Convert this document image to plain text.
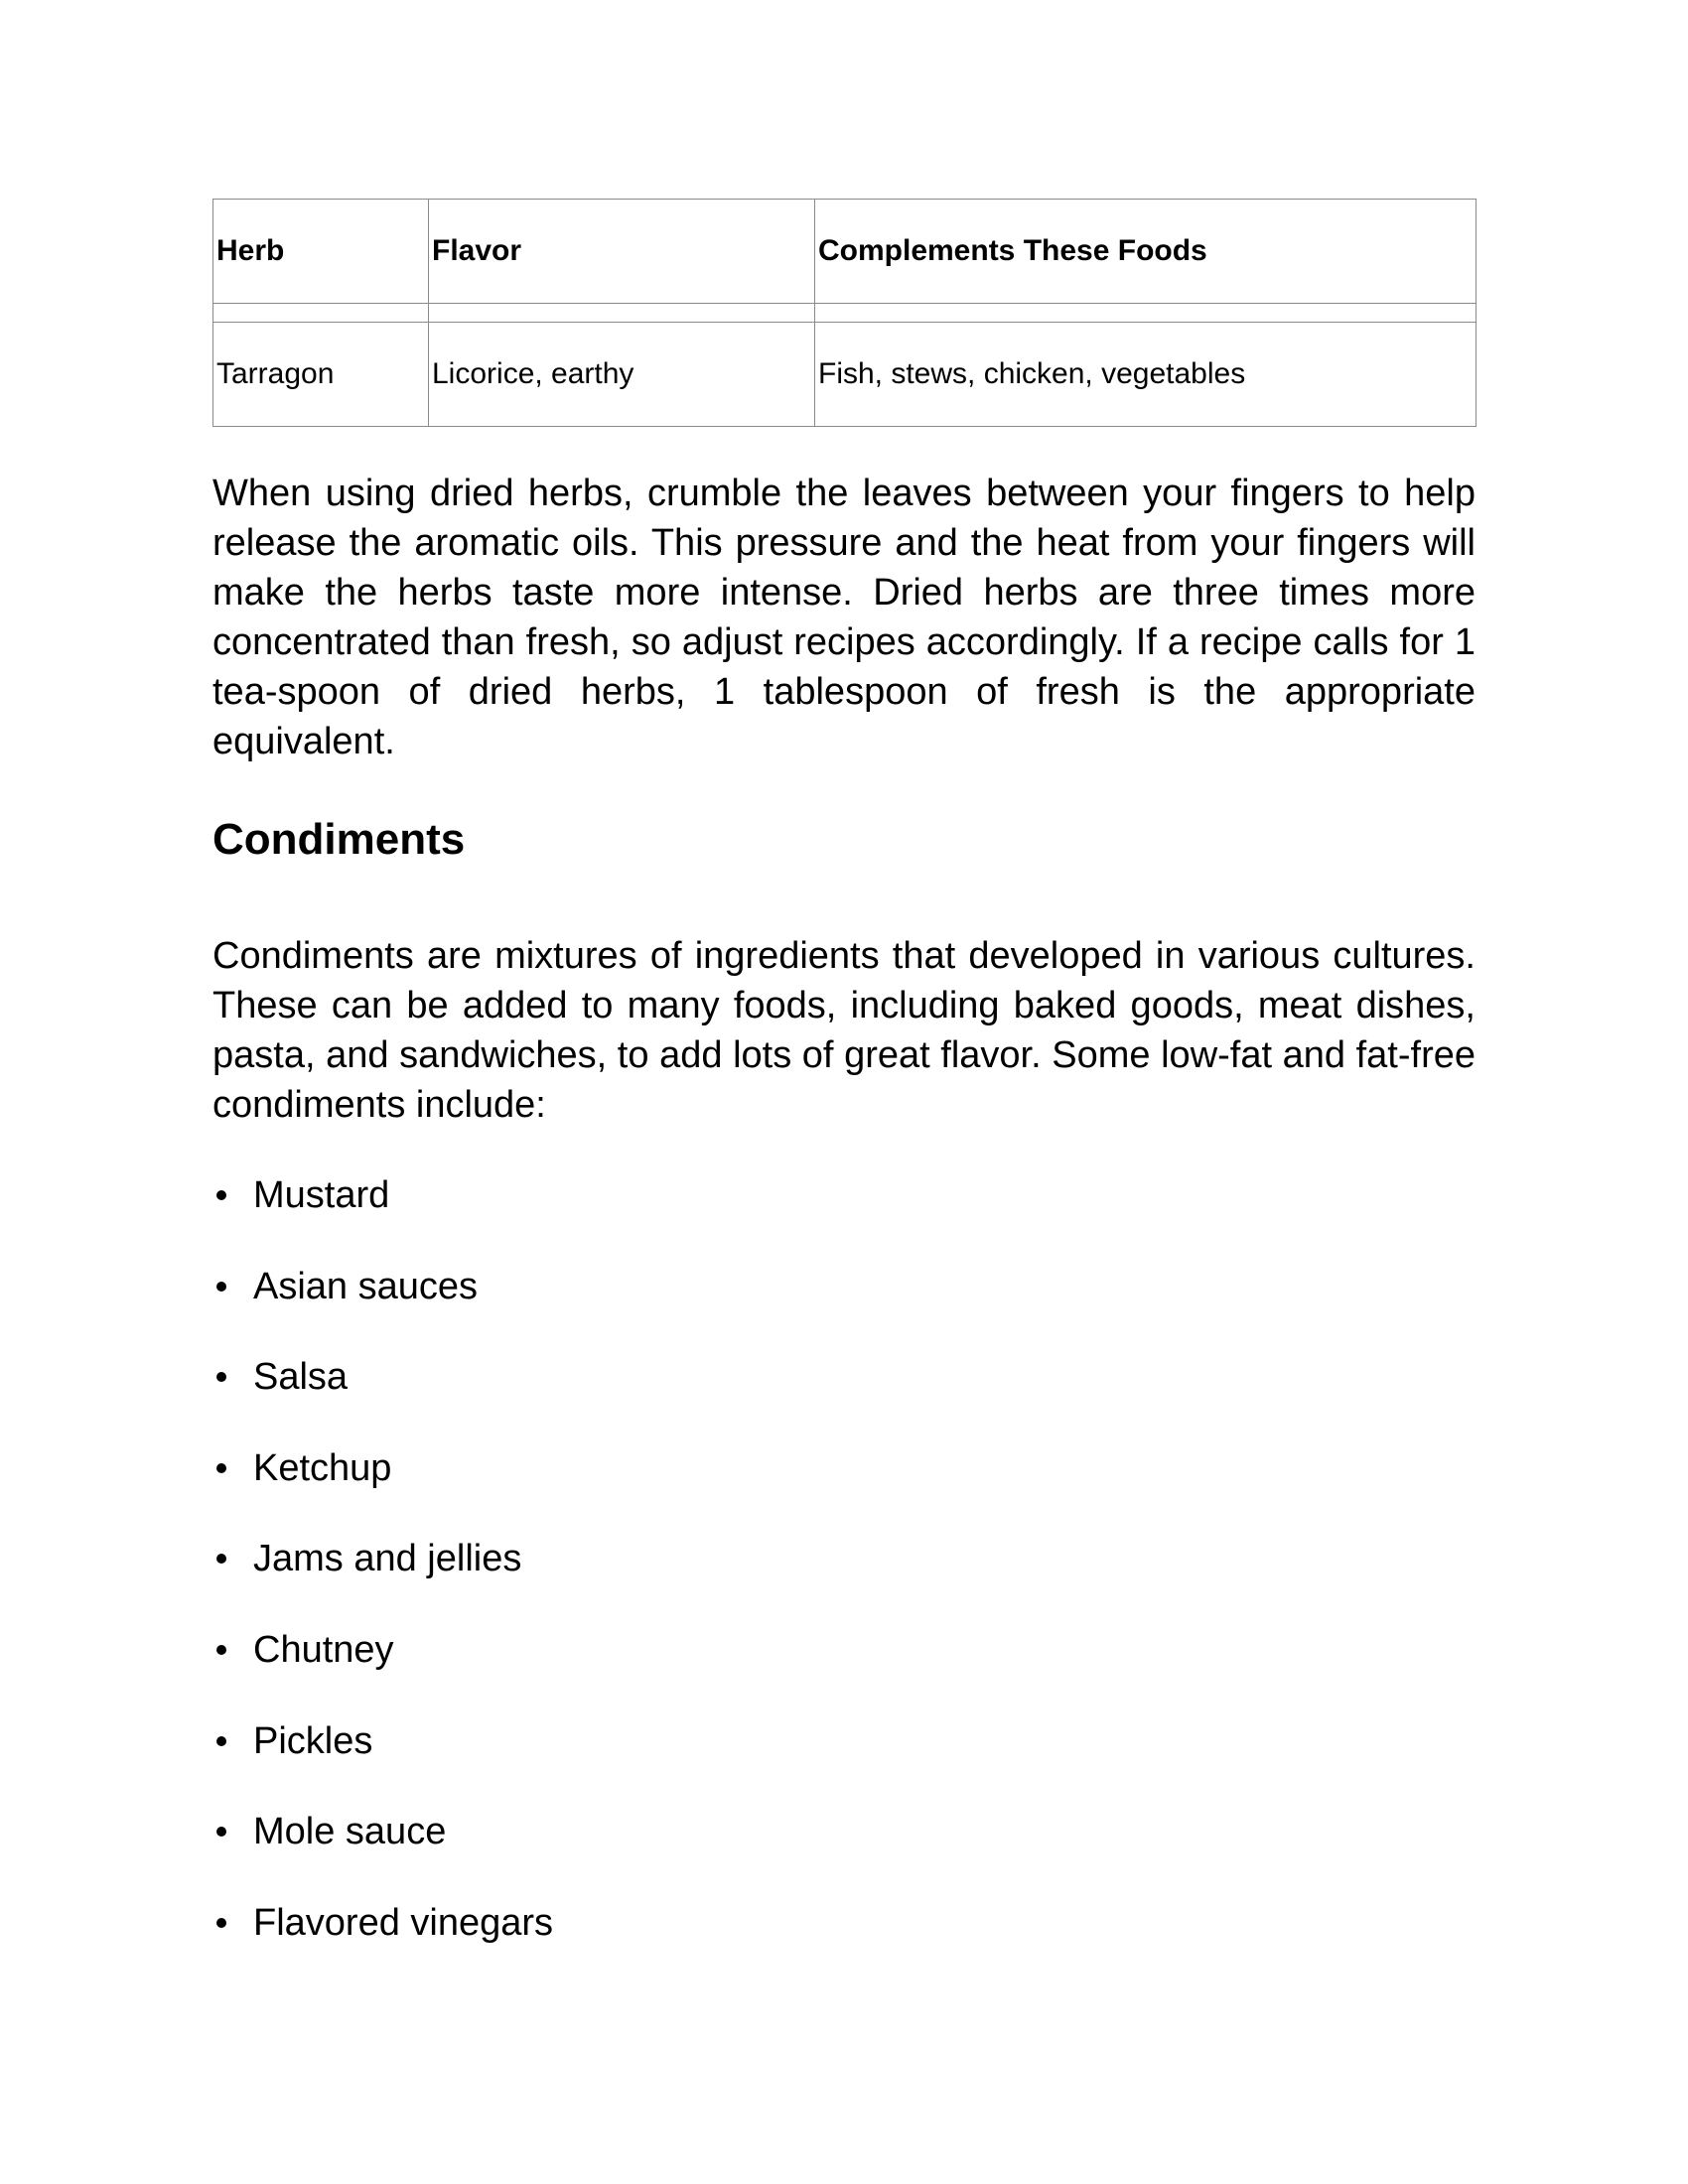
Herb	Flavor	Complements These Foods

Tarragon	Licorice, earthy	Fish, stews, chicken, vegetables

When using dried herbs, crumble the leaves between your fingers to help release the aromatic oils. This pressure and the heat from your fingers will make the herbs taste more intense. Dried herbs are three times more concentrated than fresh, so adjust recipes accordingly. If a recipe calls for 1 tea-spoon of dried herbs, 1 tablespoon of fresh is the appropriate equivalent.

Condiments

Condiments are mixtures of ingredients that developed in various cultures. These can be added to many foods, including baked goods, meat dishes, pasta, and sandwiches, to add lots of great flavor. Some low-fat and fat-free condiments include:

Mustard
Asian sauces
Salsa
Ketchup
Jams and jellies
Chutney
Pickles
Mole sauce
Flavored vinegars
